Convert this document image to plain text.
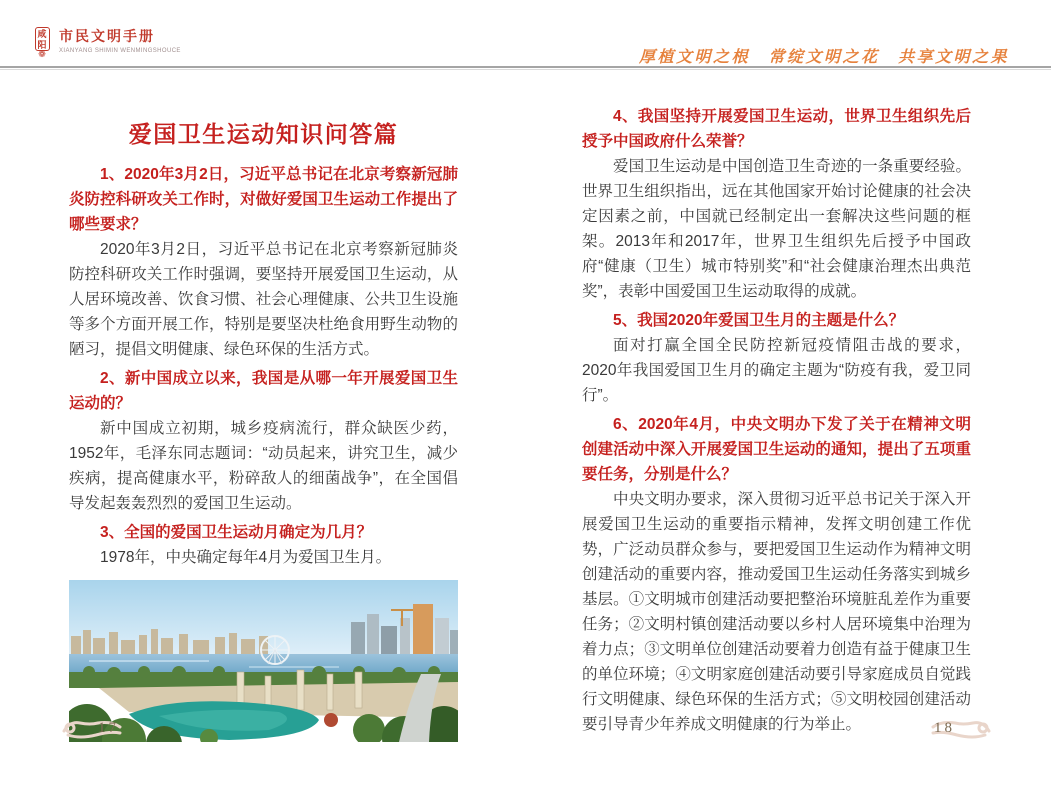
咸阳
❁
市民文明手册
XIANYANG SHIMIN WENMINGSHOUCE	厚植文明之根　常绽文明之花　共享文明之果
爱国卫生运动知识问答篇

1、2020年3月2日，习近平总书记在北京考察新冠肺炎防控科研攻关工作时，对做好爱国卫生运动工作提出了哪些要求？

2020年3月2日，习近平总书记在北京考察新冠肺炎防控科研攻关工作时强调，要坚持开展爱国卫生运动，从人居环境改善、饮食习惯、社会心理健康、公共卫生设施等多个方面开展工作，特别是要坚决杜绝食用野生动物的陋习，提倡文明健康、绿色环保的生活方式。

2、新中国成立以来，我国是从哪一年开展爱国卫生运动的？

新中国成立初期，城乡疫病流行，群众缺医少药，1952年，毛泽东同志题词：“动员起来，讲究卫生，减少疾病，提高健康水平，粉碎敌人的细菌战争”，在全国倡导发起轰轰烈烈的爱国卫生运动。

3、全国的爱国卫生运动月确定为几月？

1978年，中央确定每年4月为爱国卫生月。

4、我国坚持开展爱国卫生运动，世界卫生组织先后授予中国政府什么荣誉？

爱国卫生运动是中国创造卫生奇迹的一条重要经验。世界卫生组织指出，远在其他国家开始讨论健康的社会决定因素之前，中国就已经制定出一套解决这些问题的框架。2013年和2017年，世界卫生组织先后授予中国政府“健康（卫生）城市特别奖”和“社会健康治理杰出典范奖”，表彰中国爱国卫生运动取得的成就。

5、我国2020年爱国卫生月的主题是什么？

面对打赢全国全民防控新冠疫情阻击战的要求，2020年我国爱国卫生月的确定主题为“防疫有我，爱卫同行”。

6、2020年4月，中央文明办下发了关于在精神文明创建活动中深入开展爱国卫生运动的通知，提出了五项重要任务，分别是什么？

中央文明办要求，深入贯彻习近平总书记关于深入开展爱国卫生运动的重要指示精神，发挥文明创建工作优势，广泛动员群众参与，要把爱国卫生运动作为精神文明创建活动的重要内容，推动爱国卫生运动任务落实到城乡基层。①文明城市创建活动要把整治环境脏乱差作为重要任务；②文明村镇创建活动要以乡村人居环境集中治理为着力点；③文明单位创建活动要着力创造有益于健康卫生的单位环境；④文明家庭创建活动要引导家庭成员自觉践行文明健康、绿色环保的生活方式；⑤文明校园创建活动要引导青少年养成文明健康的行为举止。

17	18
